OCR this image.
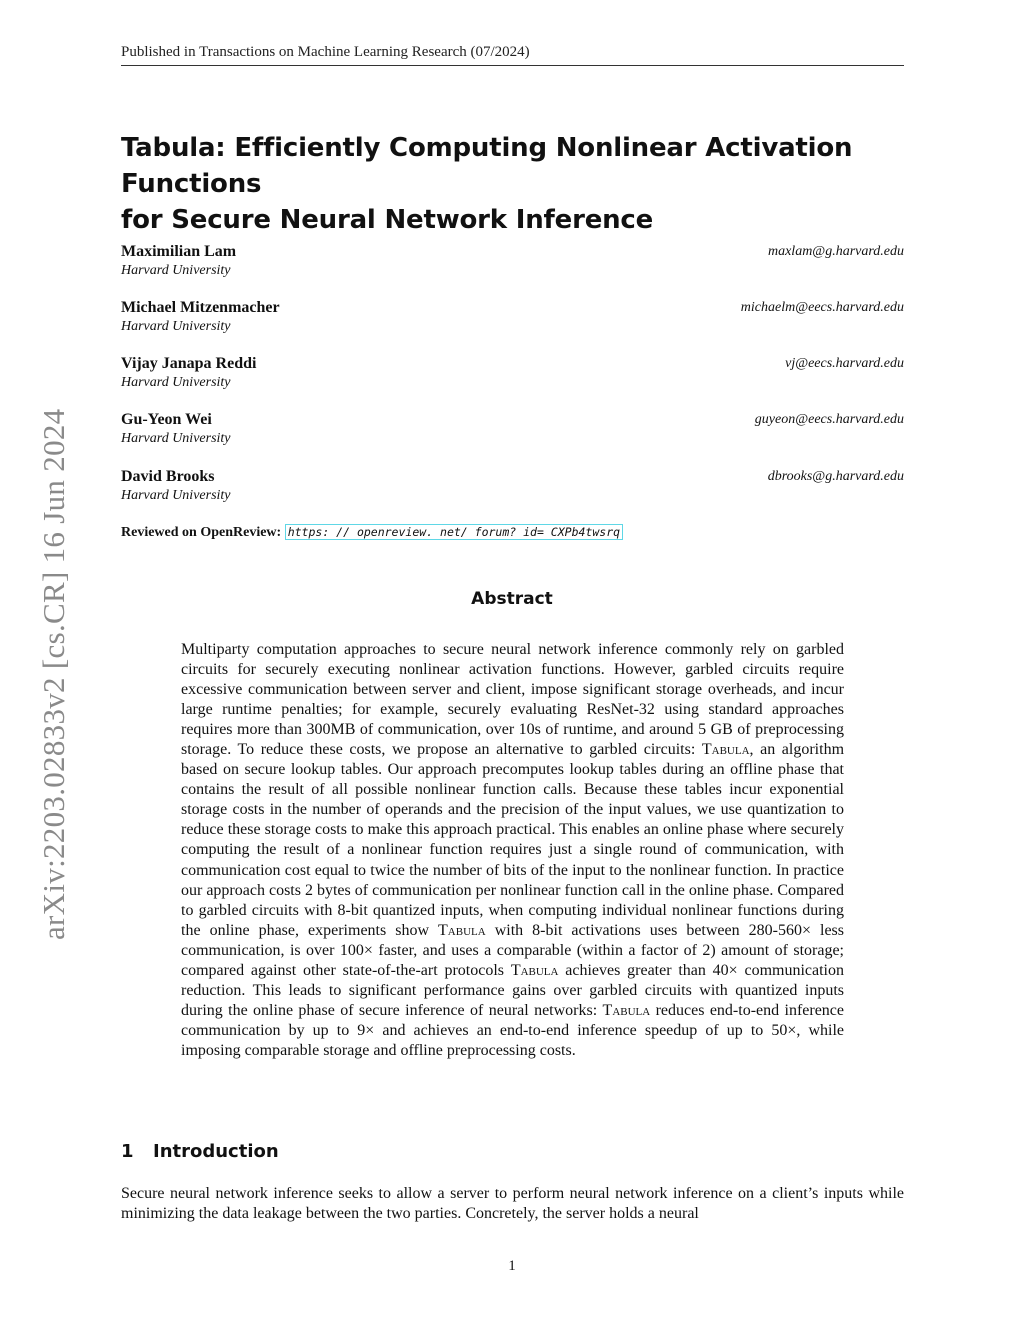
Published in Transactions on Machine Learning Research (07/2024)
arXiv:2203.02833v2 [cs.CR] 16 Jun 2024
Tabula: Efficiently Computing Nonlinear Activation Functions
for Secure Neural Network Inference
Maximilian Lam
Harvard University
maxlam@g.harvard.edu
Michael Mitzenmacher
Harvard University
michaelm@eecs.harvard.edu
Vijay Janapa Reddi
Harvard University
vj@eecs.harvard.edu
Gu-Yeon Wei
Harvard University
guyeon@eecs.harvard.edu
David Brooks
Harvard University
dbrooks@g.harvard.edu
Reviewed on OpenReview: https: // openreview. net/ forum? id= CXPb4twsrq
Abstract

Multiparty computation approaches to secure neural network inference commonly rely on garbled circuits for securely executing nonlinear activation functions. However, garbled circuits require excessive communication between server and client, impose significant storage overheads, and incur large runtime penalties; for example, securely evaluating ResNet-32 using standard approaches requires more than 300MB of communication, over 10s of runtime, and around 5 GB of preprocessing storage. To reduce these costs, we propose an alternative to garbled circuits: Tabula, an algorithm based on secure lookup tables. Our approach precomputes lookup tables during an offline phase that contains the result of all possible nonlinear function calls. Because these tables incur exponential storage costs in the number of operands and the precision of the input values, we use quantization to reduce these storage costs to make this approach practical. This enables an online phase where securely computing the result of a nonlinear function requires just a single round of communication, with communication cost equal to twice the number of bits of the input to the nonlinear function. In practice our approach costs 2 bytes of communication per nonlinear function call in the online phase. Compared to garbled circuits with 8-bit quantized inputs, when computing individual nonlinear functions during the online phase, experiments show Tabula with 8-bit activations uses between 280-560× less communication, is over 100× faster, and uses a comparable (within a factor of 2) amount of storage; compared against other state-of-the-art protocols Tabula achieves greater than 40× communication reduction. This leads to significant performance gains over garbled circuits with quantized inputs during the online phase of secure inference of neural networks: Tabula reduces end-to-end inference communication by up to 9× and achieves an end-to-end inference speedup of up to 50×, while imposing comparable storage and offline preprocessing costs.

1 Introduction

Secure neural network inference seeks to allow a server to perform neural network inference on a client’s inputs while minimizing the data leakage between the two parties. Concretely, the server holds a neural

1
